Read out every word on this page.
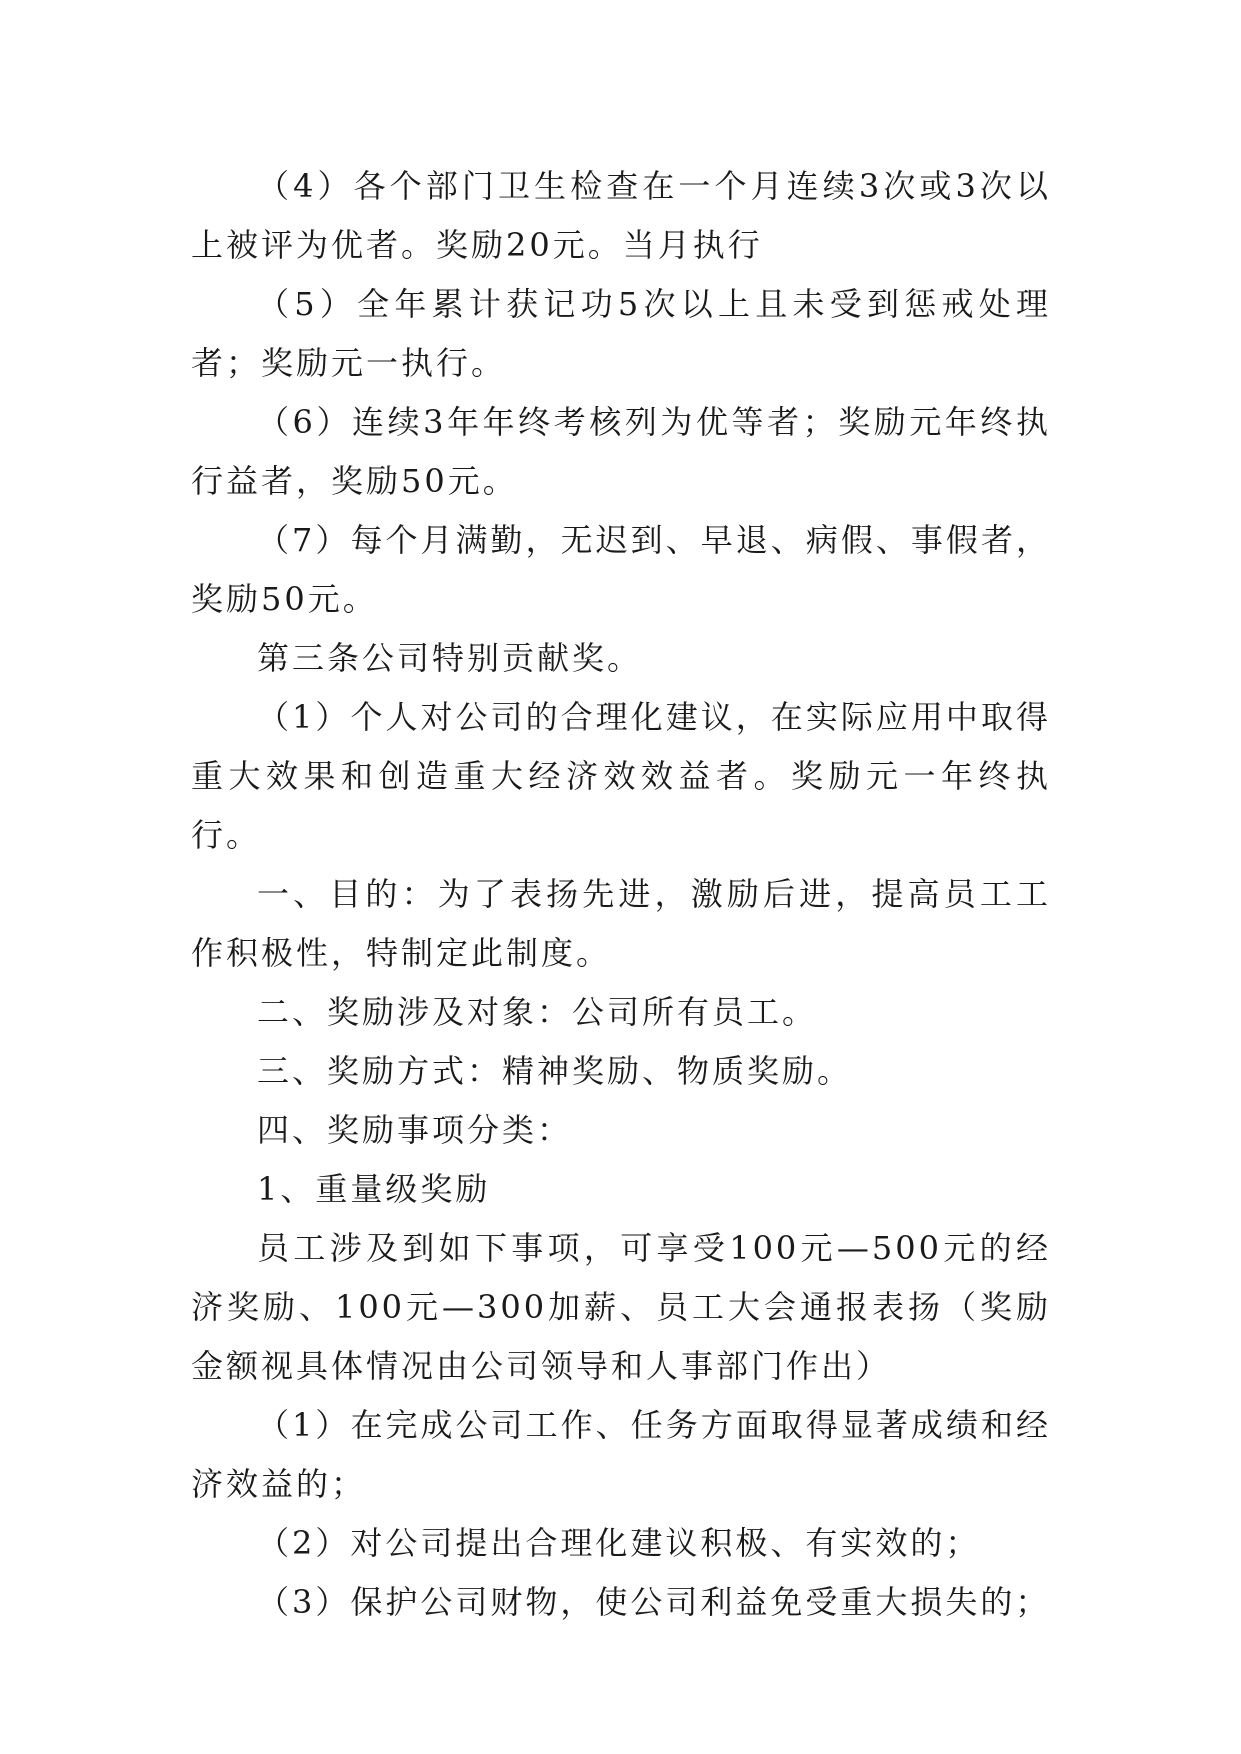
（4）各个部门卫生检查在一个月连续3次或3次以上被评为优者。奖励20元。当月执行

（5）全年累计获记功5次以上且未受到惩戒处理者；奖励元一执行。

（6）连续3年年终考核列为优等者；奖励元年终执行益者，奖励50元。

（7）每个月满勤，无迟到、早退、病假、事假者，奖励50元。

第三条公司特别贡献奖。

（1）个人对公司的合理化建议，在实际应用中取得重大效果和创造重大经济效效益者。奖励元一年终执行。

一、目的：为了表扬先进，激励后进，提高员工工作积极性，特制定此制度。

二、奖励涉及对象：公司所有员工。

三、奖励方式：精神奖励、物质奖励。

四、奖励事项分类：

1、重量级奖励

员工涉及到如下事项，可享受100元—500元的经济奖励、100元—300加薪、员工大会通报表扬（奖励金额视具体情况由公司领导和人事部门作出）

（1）在完成公司工作、任务方面取得显著成绩和经济效益的；

（2）对公司提出合理化建议积极、有实效的；

（3）保护公司财物，使公司利益免受重大损失的；
